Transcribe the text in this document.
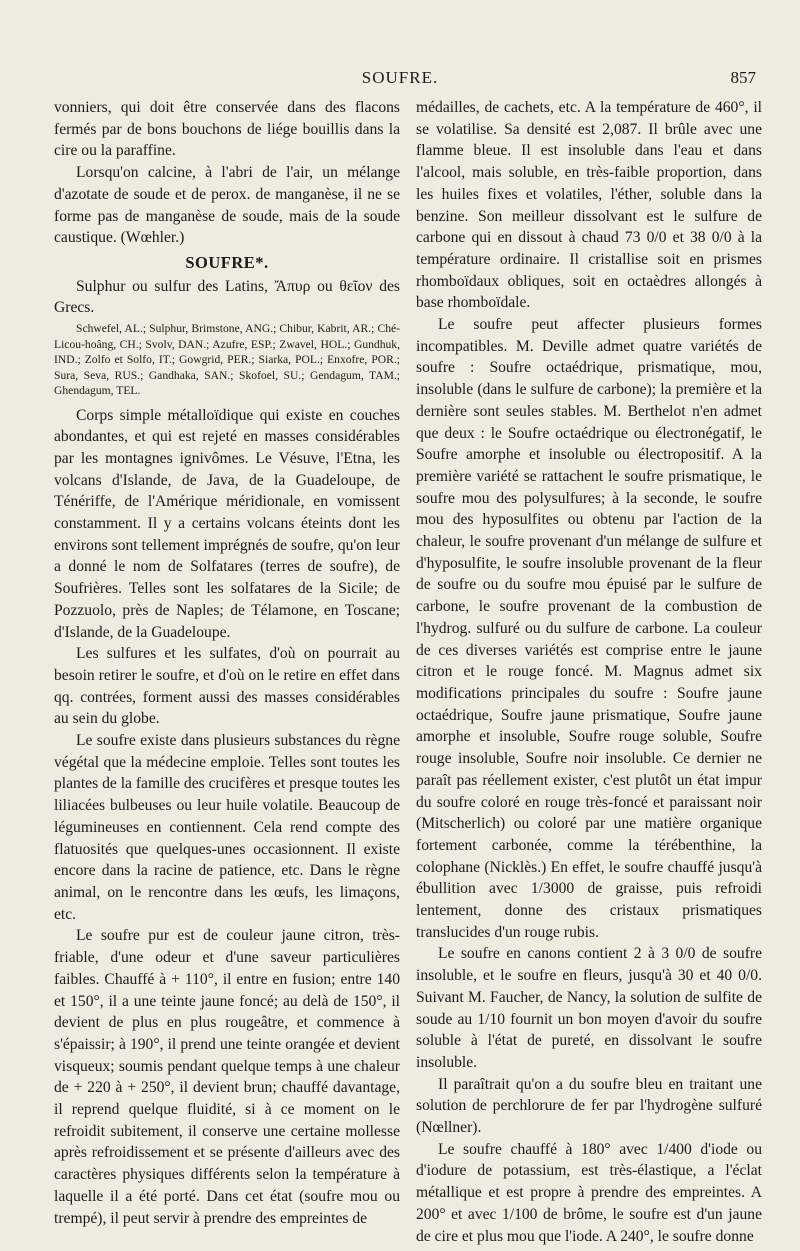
SOUFRE.	857

vonniers, qui doit être conservée dans des flacons fermés par de bons bouchons de liége bouillis dans la cire ou la paraffine.

Lorsqu'on calcine, à l'abri de l'air, un mélange d'azotate de soude et de perox. de manganèse, il ne se forme pas de manganèse de soude, mais de la soude caustique. (Wœhler.)

SOUFRE*.

Sulphur ou sulfur des Latins, Ἄπυρ ou θεῖον des Grecs.

Schwefel, AL.; Sulphur, Brimstone, ANG.; Chibur, Kabrit, AR.; Ché-Licou-hoâng, CH.; Svolv, DAN.; Azufre, ESP.; Zwavel, HOL.; Gundhuk, IND.; Zolfo et Solfo, IT.; Gowgrid, PER.; Siarka, POL.; Enxofre, POR.; Sura, Seva, RUS.; Gandhaka, SAN.; Skofoel, SU.; Gendagum, TAM.; Ghendagum, TEL.

Corps simple métalloïdique qui existe en couches abondantes, et qui est rejeté en masses considérables par les montagnes ignivômes. Le Vésuve, l'Etna, les volcans d'Islande, de Java, de la Guadeloupe, de Ténériffe, de l'Amérique méridionale, en vomissent constamment. Il y a certains volcans éteints dont les environs sont tellement imprégnés de soufre, qu'on leur a donné le nom de Solfatares (terres de soufre), de Soufrières. Telles sont les solfatares de la Sicile; de Pozzuolo, près de Naples; de Télamone, en Toscane; d'Islande, de la Guadeloupe.

Les sulfures et les sulfates, d'où on pourrait au besoin retirer le soufre, et d'où on le retire en effet dans qq. contrées, forment aussi des masses considérables au sein du globe.

Le soufre existe dans plusieurs substances du règne végétal que la médecine emploie. Telles sont toutes les plantes de la famille des crucifères et presque toutes les liliacées bulbeuses ou leur huile volatile. Beaucoup de légumineuses en contiennent. Cela rend compte des flatuosités que quelques-unes occasionnent. Il existe encore dans la racine de patience, etc. Dans le règne animal, on le rencontre dans les œufs, les limaçons, etc.

Le soufre pur est de couleur jaune citron, très-friable, d'une odeur et d'une saveur particulières faibles. Chauffé à + 110°, il entre en fusion; entre 140 et 150°, il a une teinte jaune foncé; au delà de 150°, il devient de plus en plus rougeâtre, et commence à s'épaissir; à 190°, il prend une teinte orangée et devient visqueux; soumis pendant quelque temps à une chaleur de + 220 à + 250°, il devient brun; chauffé davantage, il reprend quelque fluidité, si à ce moment on le refroidit subitement, il conserve une certaine mollesse après refroidissement et se présente d'ailleurs avec des caractères physiques différents selon la température à laquelle il a été porté. Dans cet état (soufre mou ou trempé), il peut servir à prendre des empreintes de

médailles, de cachets, etc. A la température de 460°, il se volatilise. Sa densité est 2,087. Il brûle avec une flamme bleue. Il est insoluble dans l'eau et dans l'alcool, mais soluble, en très-faible proportion, dans les huiles fixes et volatiles, l'éther, soluble dans la benzine. Son meilleur dissolvant est le sulfure de carbone qui en dissout à chaud 73 0/0 et 38 0/0 à la température ordinaire. Il cristallise soit en prismes rhomboïdaux obliques, soit en octaèdres allongés à base rhomboïdale.

Le soufre peut affecter plusieurs formes incompatibles. M. Deville admet quatre variétés de soufre : Soufre octaédrique, prismatique, mou, insoluble (dans le sulfure de carbone); la première et la dernière sont seules stables. M. Berthelot n'en admet que deux : le Soufre octaédrique ou électronégatif, le Soufre amorphe et insoluble ou électropositif. A la première variété se rattachent le soufre prismatique, le soufre mou des polysulfures; à la seconde, le soufre mou des hyposulfites ou obtenu par l'action de la chaleur, le soufre provenant d'un mélange de sulfure et d'hyposulfite, le soufre insoluble provenant de la fleur de soufre ou du soufre mou épuisé par le sulfure de carbone, le soufre provenant de la combustion de l'hydrog. sulfuré ou du sulfure de carbone. La couleur de ces diverses variétés est comprise entre le jaune citron et le rouge foncé. M. Magnus admet six modifications principales du soufre : Soufre jaune octaédrique, Soufre jaune prismatique, Soufre jaune amorphe et insoluble, Soufre rouge soluble, Soufre rouge insoluble, Soufre noir insoluble. Ce dernier ne paraît pas réellement exister, c'est plutôt un état impur du soufre coloré en rouge très-foncé et paraissant noir (Mitscherlich) ou coloré par une matière organique fortement carbonée, comme la térébenthine, la colophane (Nicklès.) En effet, le soufre chauffé jusqu'à ébullition avec 1/3000 de graisse, puis refroidi lentement, donne des cristaux prismatiques translucides d'un rouge rubis.

Le soufre en canons contient 2 à 3 0/0 de soufre insoluble, et le soufre en fleurs, jusqu'à 30 et 40 0/0. Suivant M. Faucher, de Nancy, la solution de sulfite de soude au 1/10 fournit un bon moyen d'avoir du soufre soluble à l'état de pureté, en dissolvant le soufre insoluble.

Il paraîtrait qu'on a du soufre bleu en traitant une solution de perchlorure de fer par l'hydrogène sulfuré (Nœllner).

Le soufre chauffé à 180° avec 1/400 d'iode ou d'iodure de potassium, est très-élastique, a l'éclat métallique et est propre à prendre des empreintes. A 200° et avec 1/100 de brôme, le soufre est d'un jaune de cire et plus mou que l'iode. A 240°, le soufre donne
